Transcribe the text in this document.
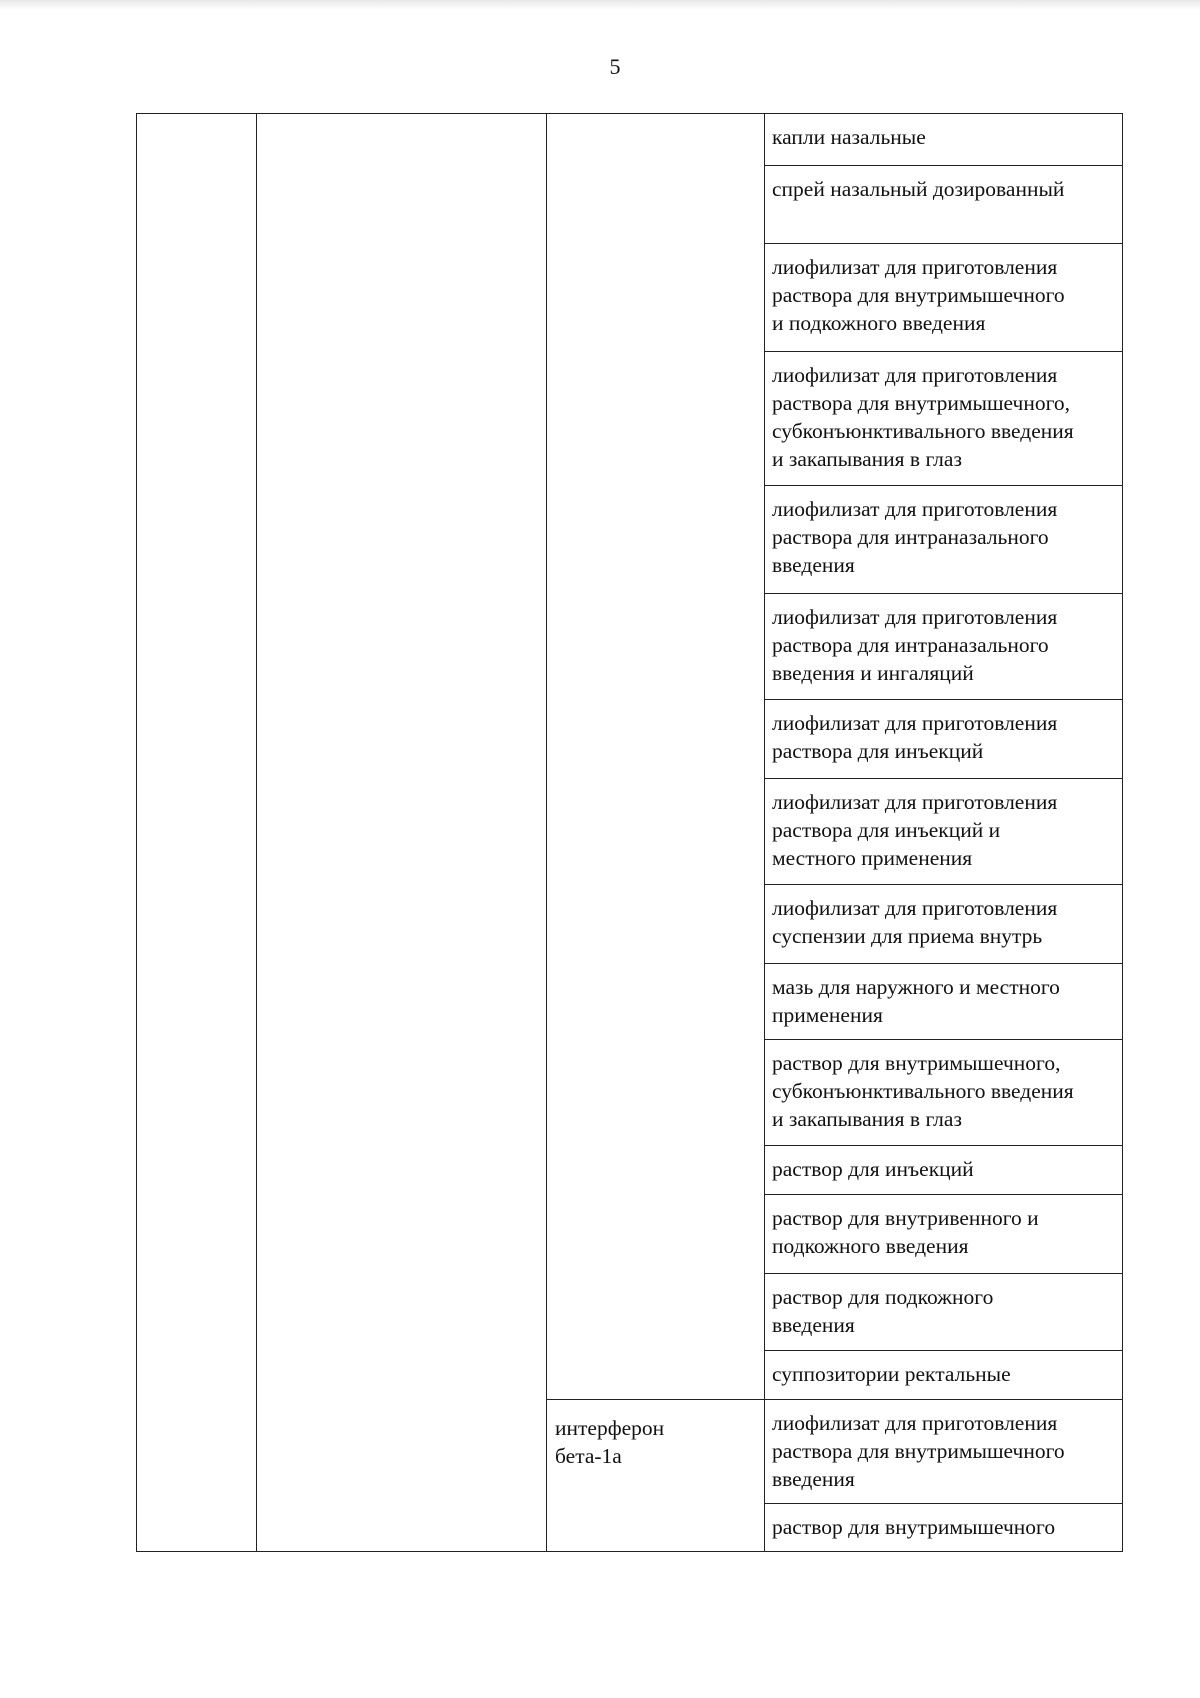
5

			капли назальные

			спрей назальный дозированный

			лиофилизат для приготовления
раствора для внутримышечного
и подкожного введения

			лиофилизат для приготовления
раствора для внутримышечного,
субконъюнктивального введения
и закапывания в глаз

			лиофилизат для приготовления
раствора для интраназального
введения

			лиофилизат для приготовления
раствора для интраназального
введения и ингаляций

			лиофилизат для приготовления
раствора для инъекций

			лиофилизат для приготовления
раствора для инъекций и
местного применения

			лиофилизат для приготовления
суспензии для приема внутрь

			мазь для наружного и местного
применения

			раствор для внутримышечного,
субконъюнктивального введения
и закапывания в глаз

			раствор для инъекций

			раствор для внутривенного и
подкожного введения

			раствор для подкожного
введения

			суппозитории ректальные

		интерферон
бета-1a	лиофилизат для приготовления
раствора для внутримышечного
введения

			раствор для внутримышечного
